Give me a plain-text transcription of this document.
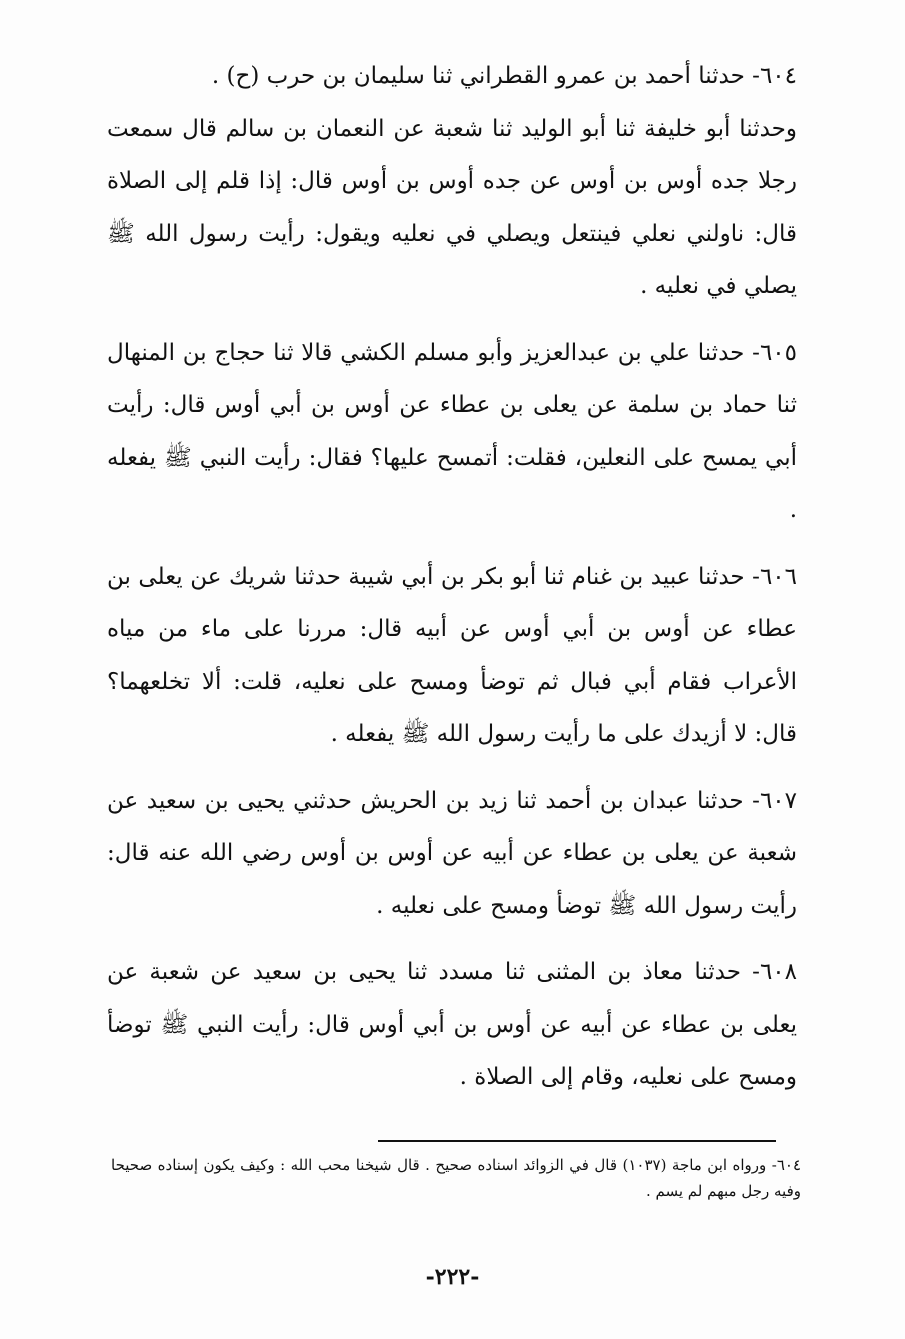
٦٠٤- حدثنا أحمد بن عمرو القطراني ثنا سليمان بن حرب (ح) .

وحدثنا أبو خليفة ثنا أبو الوليد ثنا شعبة عن النعمان بن سالم قال سمعت رجلا جده أوس بن أوس عن جده أوس بن أوس قال: إذا قلم إلى الصلاة قال: ناولني نعلي فينتعل ويصلي في نعليه ويقول: رأيت رسول الله ﷺ يصلي في نعليه .

٦٠٥- حدثنا علي بن عبدالعزيز وأبو مسلم الكشي قالا ثنا حجاج بن المنهال ثنا حماد بن سلمة عن يعلى بن عطاء عن أوس بن أبي أوس قال: رأيت أبي يمسح على النعلين، فقلت: أتمسح عليها؟ فقال: رأيت النبي ﷺ يفعله .

٦٠٦- حدثنا عبيد بن غنام ثنا أبو بكر بن أبي شيبة حدثنا شريك عن يعلى بن عطاء عن أوس بن أبي أوس عن أبيه قال: مررنا على ماء من مياه الأعراب فقام أبي فبال ثم توضأ ومسح على نعليه، قلت: ألا تخلعهما؟ قال: لا أزيدك على ما رأيت رسول الله ﷺ يفعله .

٦٠٧- حدثنا عبدان بن أحمد ثنا زيد بن الحريش حدثني يحيى بن سعيد عن شعبة عن يعلى بن عطاء عن أبيه عن أوس بن أوس رضي الله عنه قال: رأيت رسول الله ﷺ توضأ ومسح على نعليه .

٦٠٨- حدثنا معاذ بن المثنى ثنا مسدد ثنا يحيى بن سعيد عن شعبة عن يعلى بن عطاء عن أبيه عن أوس بن أبي أوس قال: رأيت النبي ﷺ توضأ ومسح على نعليه، وقام إلى الصلاة .

٦٠٤- ورواه ابن ماجة (١٠٣٧) قال في الزوائد اسناده صحيح . قال شيخنا محب الله : وكيف يكون إسناده صحيحا وفيه رجل مبهم لم يسم .

-٢٢٢-
